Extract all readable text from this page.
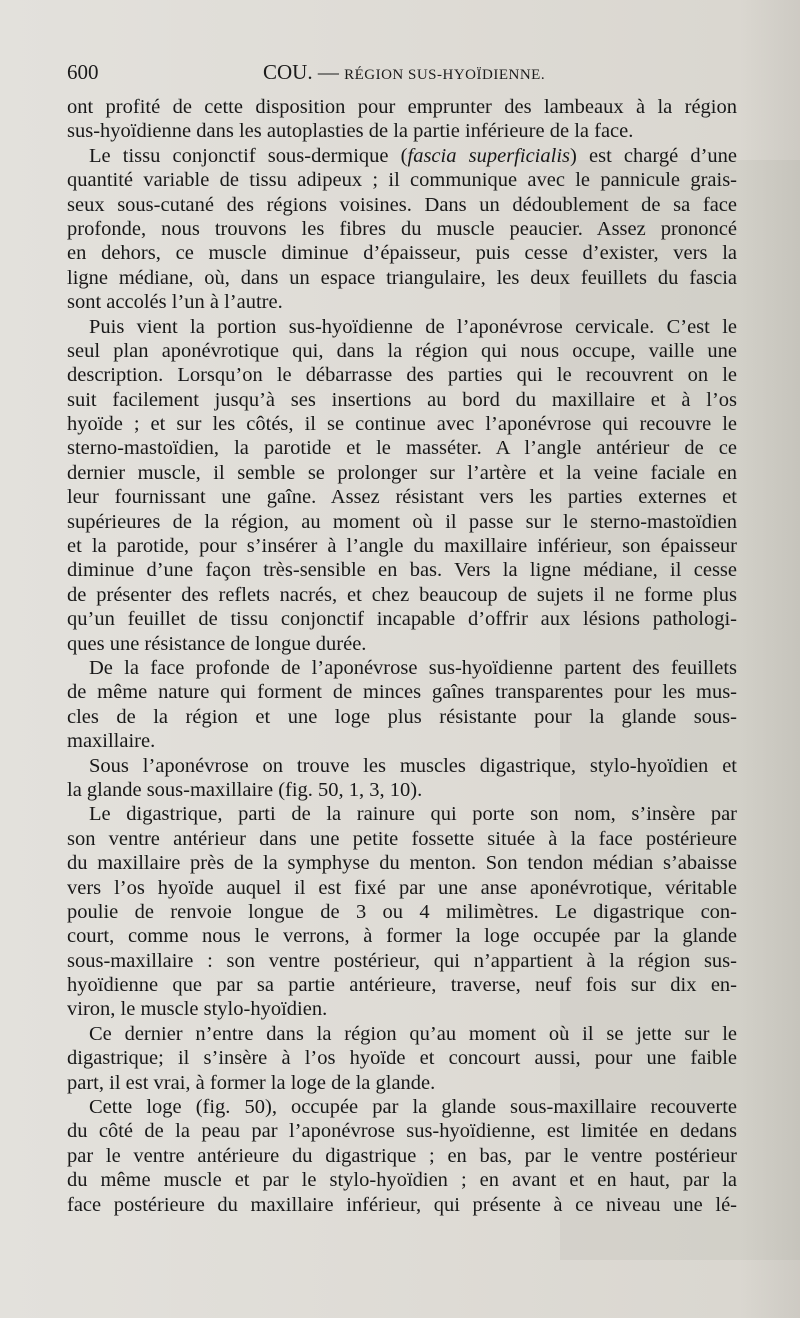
600	COU. — RÉGION SUS-HYOÏDIENNE.
ont profité de cette disposition pour emprunter des lambeaux à la région
sus-hyoïdienne dans les autoplasties de la partie inférieure de la face.
Le tissu conjonctif sous-dermique (fascia superficialis) est chargé d’une
quantité variable de tissu adipeux ; il communique avec le pannicule grais-
seux sous-cutané des régions voisines. Dans un dédoublement de sa face
profonde, nous trouvons les fibres du muscle peaucier. Assez prononcé
en dehors, ce muscle diminue d’épaisseur, puis cesse d’exister, vers la
ligne médiane, où, dans un espace triangulaire, les deux feuillets du fascia
sont accolés l’un à l’autre.
Puis vient la portion sus-hyoïdienne de l’aponévrose cervicale. C’est le
seul plan aponévrotique qui, dans la région qui nous occupe, vaille une
description. Lorsqu’on le débarrasse des parties qui le recouvrent on le
suit facilement jusqu’à ses insertions au bord du maxillaire et à l’os
hyoïde ; et sur les côtés, il se continue avec l’aponévrose qui recouvre le
sterno-mastoïdien, la parotide et le masséter. A l’angle antérieur de ce
dernier muscle, il semble se prolonger sur l’artère et la veine faciale en
leur fournissant une gaîne. Assez résistant vers les parties externes et
supérieures de la région, au moment où il passe sur le sterno-mastoïdien
et la parotide, pour s’insérer à l’angle du maxillaire inférieur, son épaisseur
diminue d’une façon très-sensible en bas. Vers la ligne médiane, il cesse
de présenter des reflets nacrés, et chez beaucoup de sujets il ne forme plus
qu’un feuillet de tissu conjonctif incapable d’offrir aux lésions pathologi-
ques une résistance de longue durée.
De la face profonde de l’aponévrose sus-hyoïdienne partent des feuillets
de même nature qui forment de minces gaînes transparentes pour les mus-
cles de la région et une loge plus résistante pour la glande sous-
maxillaire.
Sous l’aponévrose on trouve les muscles digastrique, stylo-hyoïdien et
la glande sous-maxillaire (fig. 50, 1, 3, 10).
Le digastrique, parti de la rainure qui porte son nom, s’insère par
son ventre antérieur dans une petite fossette située à la face postérieure
du maxillaire près de la symphyse du menton. Son tendon médian s’abaisse
vers l’os hyoïde auquel il est fixé par une anse aponévrotique, véritable
poulie de renvoie longue de 3 ou 4 milimètres. Le digastrique con-
court, comme nous le verrons, à former la loge occupée par la glande
sous-maxillaire : son ventre postérieur, qui n’appartient à la région sus-
hyoïdienne que par sa partie antérieure, traverse, neuf fois sur dix en-
viron, le muscle stylo-hyoïdien.
Ce dernier n’entre dans la région qu’au moment où il se jette sur le
digastrique; il s’insère à l’os hyoïde et concourt aussi, pour une faible
part, il est vrai, à former la loge de la glande.
Cette loge (fig. 50), occupée par la glande sous-maxillaire recouverte
du côté de la peau par l’aponévrose sus-hyoïdienne, est limitée en dedans
par le ventre antérieure du digastrique ; en bas, par le ventre postérieur
du même muscle et par le stylo-hyoïdien ; en avant et en haut, par la
face postérieure du maxillaire inférieur, qui présente à ce niveau une lé-
